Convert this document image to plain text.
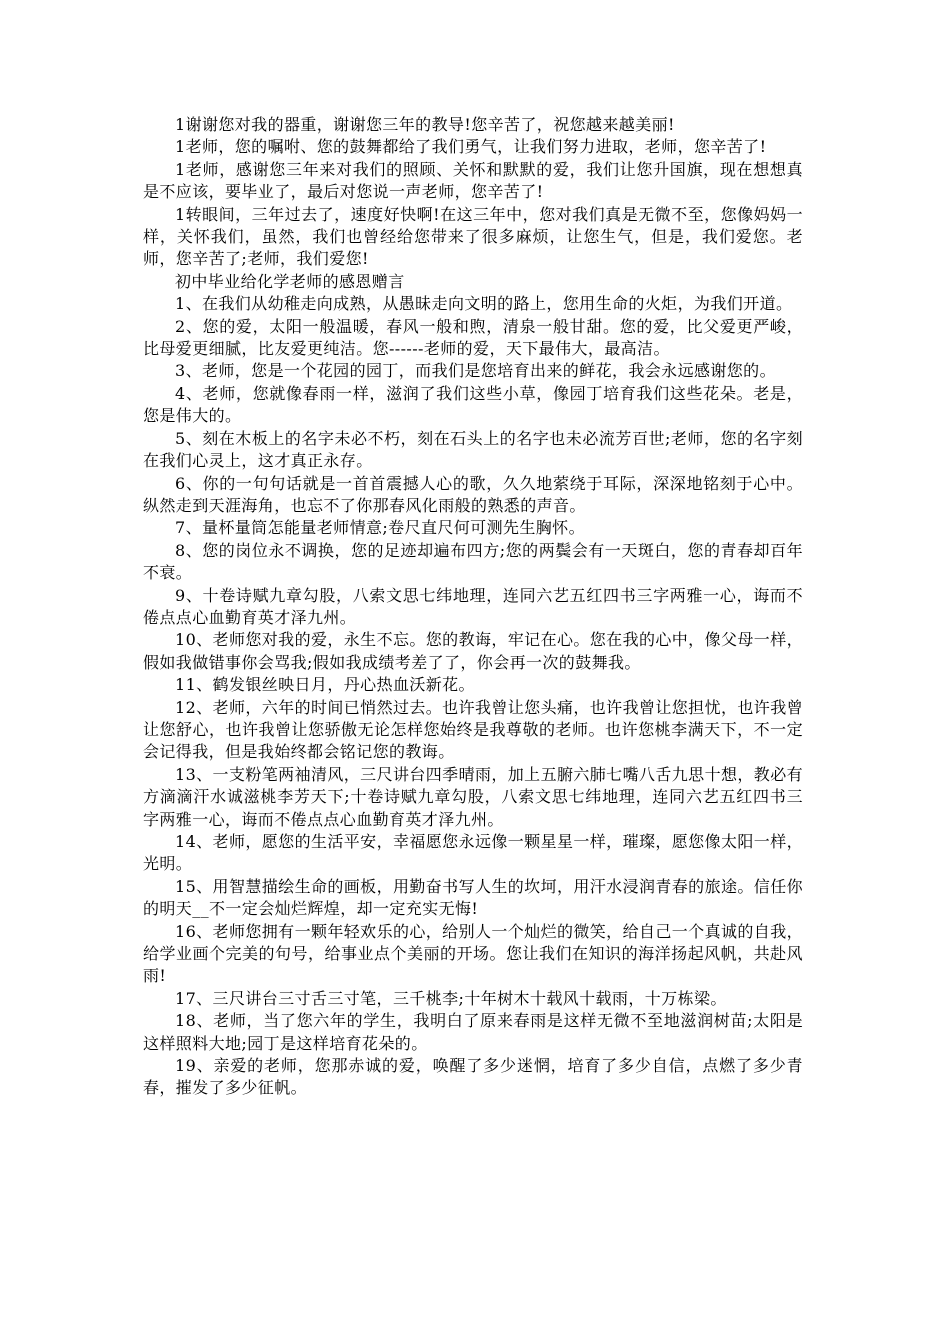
1谢谢您对我的器重，谢谢您三年的教导!您辛苦了，祝您越来越美丽!

1老师，您的嘱咐、您的鼓舞都给了我们勇气，让我们努力进取，老师，您辛苦了!

1老师，感谢您三年来对我们的照顾、关怀和默默的爱，我们让您升国旗，现在想想真是不应该，要毕业了，最后对您说一声老师，您辛苦了!

1转眼间，三年过去了，速度好快啊!在这三年中，您对我们真是无微不至，您像妈妈一样，关怀我们，虽然，我们也曾经给您带来了很多麻烦，让您生气，但是，我们爱您。老师，您辛苦了;老师，我们爱您!

初中毕业给化学老师的感恩赠言

1、在我们从幼稚走向成熟，从愚昧走向文明的路上，您用生命的火炬，为我们开道。

2、您的爱，太阳一般温暖，春风一般和煦，清泉一般甘甜。您的爱，比父爱更严峻，比母爱更细腻，比友爱更纯洁。您------老师的爱，天下最伟大，最高洁。

3、老师，您是一个花园的园丁，而我们是您培育出来的鲜花，我会永远感谢您的。

4、老师，您就像春雨一样，滋润了我们这些小草，像园丁培育我们这些花朵。老是，您是伟大的。

5、刻在木板上的名字未必不朽，刻在石头上的名字也未必流芳百世;老师，您的名字刻在我们心灵上，这才真正永存。

6、你的一句句话就是一首首震撼人心的歌，久久地萦绕于耳际，深深地铭刻于心中。纵然走到天涯海角，也忘不了你那春风化雨般的熟悉的声音。

7、量杯量筒怎能量老师情意;卷尺直尺何可测先生胸怀。

8、您的岗位永不调换，您的足迹却遍布四方;您的两鬓会有一天斑白，您的青春却百年不衰。

9、十卷诗赋九章勾股，八索文思七纬地理，连同六艺五红四书三字两雅一心，诲而不倦点点心血勤育英才泽九州。

10、老师您对我的爱，永生不忘。您的教诲，牢记在心。您在我的心中，像父母一样，假如我做错事你会骂我;假如我成绩考差了了，你会再一次的鼓舞我。

11、鹤发银丝映日月，丹心热血沃新花。

12、老师，六年的时间已悄然过去。也许我曾让您头痛，也许我曾让您担忧，也许我曾让您舒心，也许我曾让您骄傲无论怎样您始终是我尊敬的老师。也许您桃李满天下，不一定会记得我，但是我始终都会铭记您的教诲。

13、一支粉笔两袖清风，三尺讲台四季晴雨，加上五腑六肺七嘴八舌九思十想，教必有方滴滴汗水诚滋桃李芳天下;十卷诗赋九章勾股，八索文思七纬地理，连同六艺五红四书三字两雅一心，诲而不倦点点心血勤育英才泽九州。

14、老师，愿您的生活平安，幸福愿您永远像一颗星星一样，璀璨，愿您像太阳一样，光明。

15、用智慧描绘生命的画板，用勤奋书写人生的坎坷，用汗水浸润青春的旅途。信任你的明天__不一定会灿烂辉煌，却一定充实无悔!

16、老师您拥有一颗年轻欢乐的心，给别人一个灿烂的微笑，给自己一个真诚的自我，给学业画个完美的句号，给事业点个美丽的开场。您让我们在知识的海洋扬起风帆，共赴风雨!

17、三尺讲台三寸舌三寸笔，三千桃李;十年树木十载风十载雨，十万栋梁。

18、老师，当了您六年的学生，我明白了原来春雨是这样无微不至地滋润树苗;太阳是这样照料大地;园丁是这样培育花朵的。

19、亲爱的老师，您那赤诚的爱，唤醒了多少迷惘，培育了多少自信，点燃了多少青春，摧发了多少征帆。
